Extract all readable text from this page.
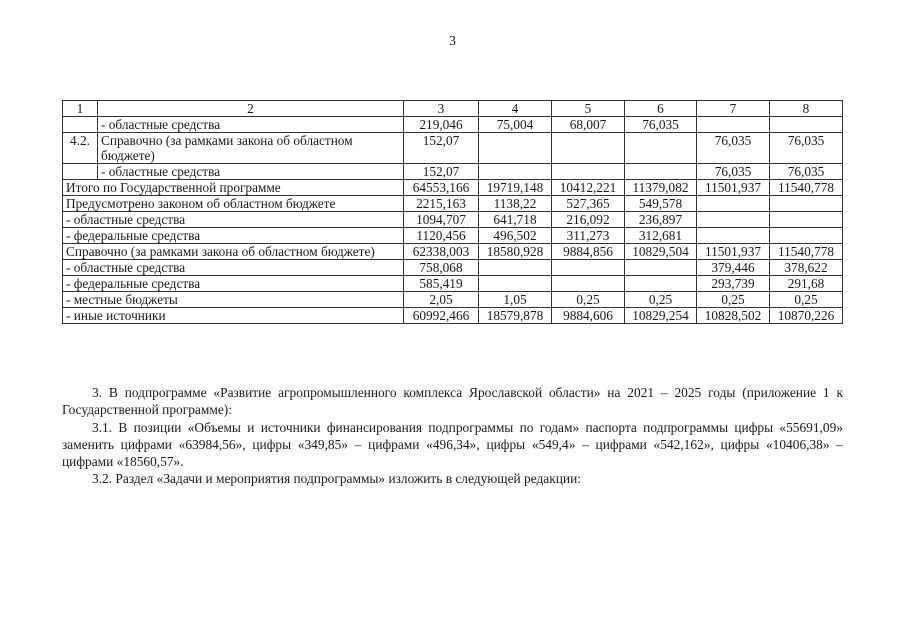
3
1	2	3	4	5	6	7	8
	- областные средства	219,046	75,004	68,007	76,035		
4.2.	Справочно (за рамками закона об областном бюджете)	152,07				76,035	76,035
	- областные средства	152,07				76,035	76,035
Итого по Государственной программе		64553,166	19719,148	10412,221	11379,082	11501,937	11540,778
Предусмотрено законом об областном бюджете		2215,163	1138,22	527,365	549,578		
- областные средства		1094,707	641,718	216,092	236,897		
- федеральные средства		1120,456	496,502	311,273	312,681		
Справочно (за рамками закона об областном бюджете)		62338,003	18580,928	9884,856	10829,504	11501,937	11540,778
- областные средства		758,068				379,446	378,622
- федеральные средства		585,419				293,739	291,68
- местные бюджеты		2,05	1,05	0,25	0,25	0,25	0,25
- иные источники		60992,466	18579,878	9884,606	10829,254	10828,502	10870,226
3. В подпрограмме «Развитие агропромышленного комплекса Ярославской области» на 2021 – 2025 годы (приложение 1 к Государственной программе):
3.1. В позиции «Объемы и источники финансирования подпрограммы по годам» паспорта подпрограммы цифры «55691,09» заменить цифрами «63984,56», цифры «349,85» – цифрами «496,34», цифры «549,4» – цифрами «542,162», цифры «10406,38» – цифрами «18560,57».
3.2. Раздел «Задачи и мероприятия подпрограммы» изложить в следующей редакции:
